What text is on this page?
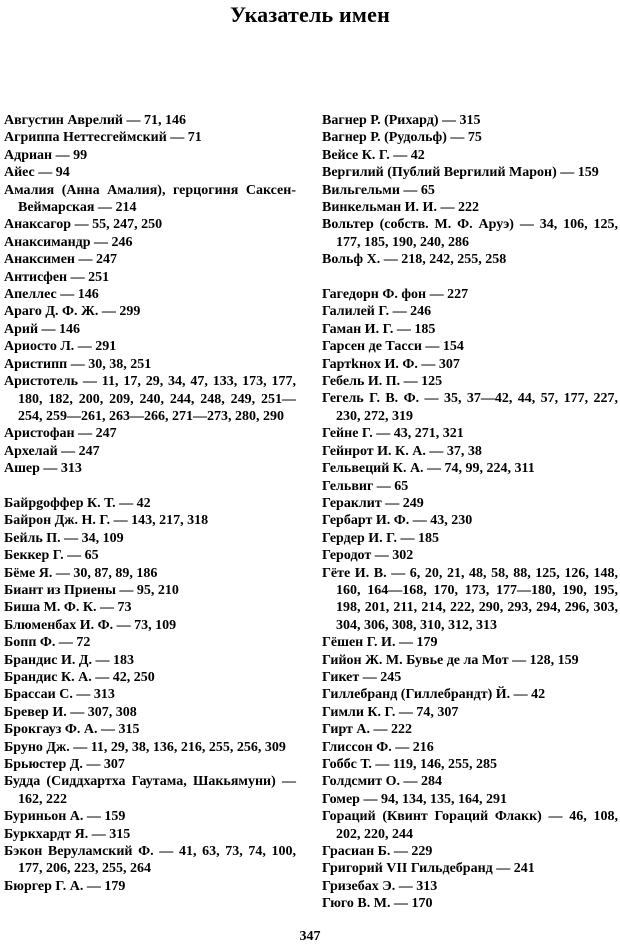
Указатель имен
Августин Аврелий — 71, 146
Агриппа Неттесгеймский — 71
Адриан — 99
Айес — 94
Амалия (Анна Амалия), герцогиня Саксен-Веймарская — 214
Анаксагор — 55, 247, 250
Анаксимандр — 246
Анаксимен — 247
Антисфен — 251
Апеллес — 146
Араго Д. Ф. Ж. — 299
Арий — 146
Ариосто Л. — 291
Аристипп — 30, 38, 251
Аристотель — 11, 17, 29, 34, 47, 133, 173, 177, 180, 182, 200, 209, 240, 244, 248, 249, 251—254, 259—261, 263—266, 271—273, 280, 290
Аристофан — 247
Архелай — 247
Ашер — 313
Байрgоффер К. Т. — 42
Байрон Дж. Н. Г. — 143, 217, 318
Бейль П. — 34, 109
Беккер Г. — 65
Бёме Я. — 30, 87, 89, 186
Биант из Приены — 95, 210
Биша М. Ф. К. — 73
Блюменбах И. Ф. — 73, 109
Бопп Ф. — 72
Брандис И. Д. — 183
Брандис К. А. — 42, 250
Брассаи С. — 313
Бревер И. — 307, 308
Брокгауз Ф. А. — 315
Бруно Дж. — 11, 29, 38, 136, 216, 255, 256, 309
Брьюстер Д. — 307
Будда (Сиддхартха Гаутама, Шакьямуни) — 162, 222
Буриньон А. — 159
Буркхардт Я. — 315
Бэкон Веруламский Ф. — 41, 63, 73, 74, 100, 177, 206, 223, 255, 264
Бюргер Г. А. — 179
Вагнер Р. (Рихард) — 315
Вагнер Р. (Рудольф) — 75
Вейсе К. Г. — 42
Вергилий (Публий Вергилий Марон) — 159
Вильгельми — 65
Винкельман И. И. — 222
Вольтер (собств. М. Ф. Аруэ) — 34, 106, 125, 177, 185, 190, 240, 286
Вольф Х. — 218, 242, 255, 258
Гагедорн Ф. фон — 227
Галилей Г. — 246
Гаман И. Г. — 185
Гарсен де Тасси — 154
Гартkноx И. Ф. — 307
Гебель И. П. — 125
Гегель Г. В. Ф. — 35, 37—42, 44, 57, 177, 227, 230, 272, 319
Гейне Г. — 43, 271, 321
Гейнрот И. К. А. — 37, 38
Гельвеций К. А. — 74, 99, 224, 311
Гельвиг — 65
Гераклит — 249
Гербарт И. Ф. — 43, 230
Гердер И. Г. — 185
Геродот — 302
Гёте И. В. — 6, 20, 21, 48, 58, 88, 125, 126, 148, 160, 164—168, 170, 173, 177—180, 190, 195, 198, 201, 211, 214, 222, 290, 293, 294, 296, 303, 304, 306, 308, 310, 312, 313
Гёшен Г. И. — 179
Гийон Ж. М. Бувье де ла Мот — 128, 159
Гикет — 245
Гиллебранд (Гиллебрандт) Й. — 42
Гимли К. Г. — 74, 307
Гирт А. — 222
Глиссон Ф. — 216
Гоббс Т. — 119, 146, 255, 285
Голдсмит О. — 284
Гомер — 94, 134, 135, 164, 291
Гораций (Квинт Гораций Флакк) — 46, 108, 202, 220, 244
Грасиан Б. — 229
Григорий VII Гильдебранд — 241
Гризебах Э. — 313
Гюго В. М. — 170
347
